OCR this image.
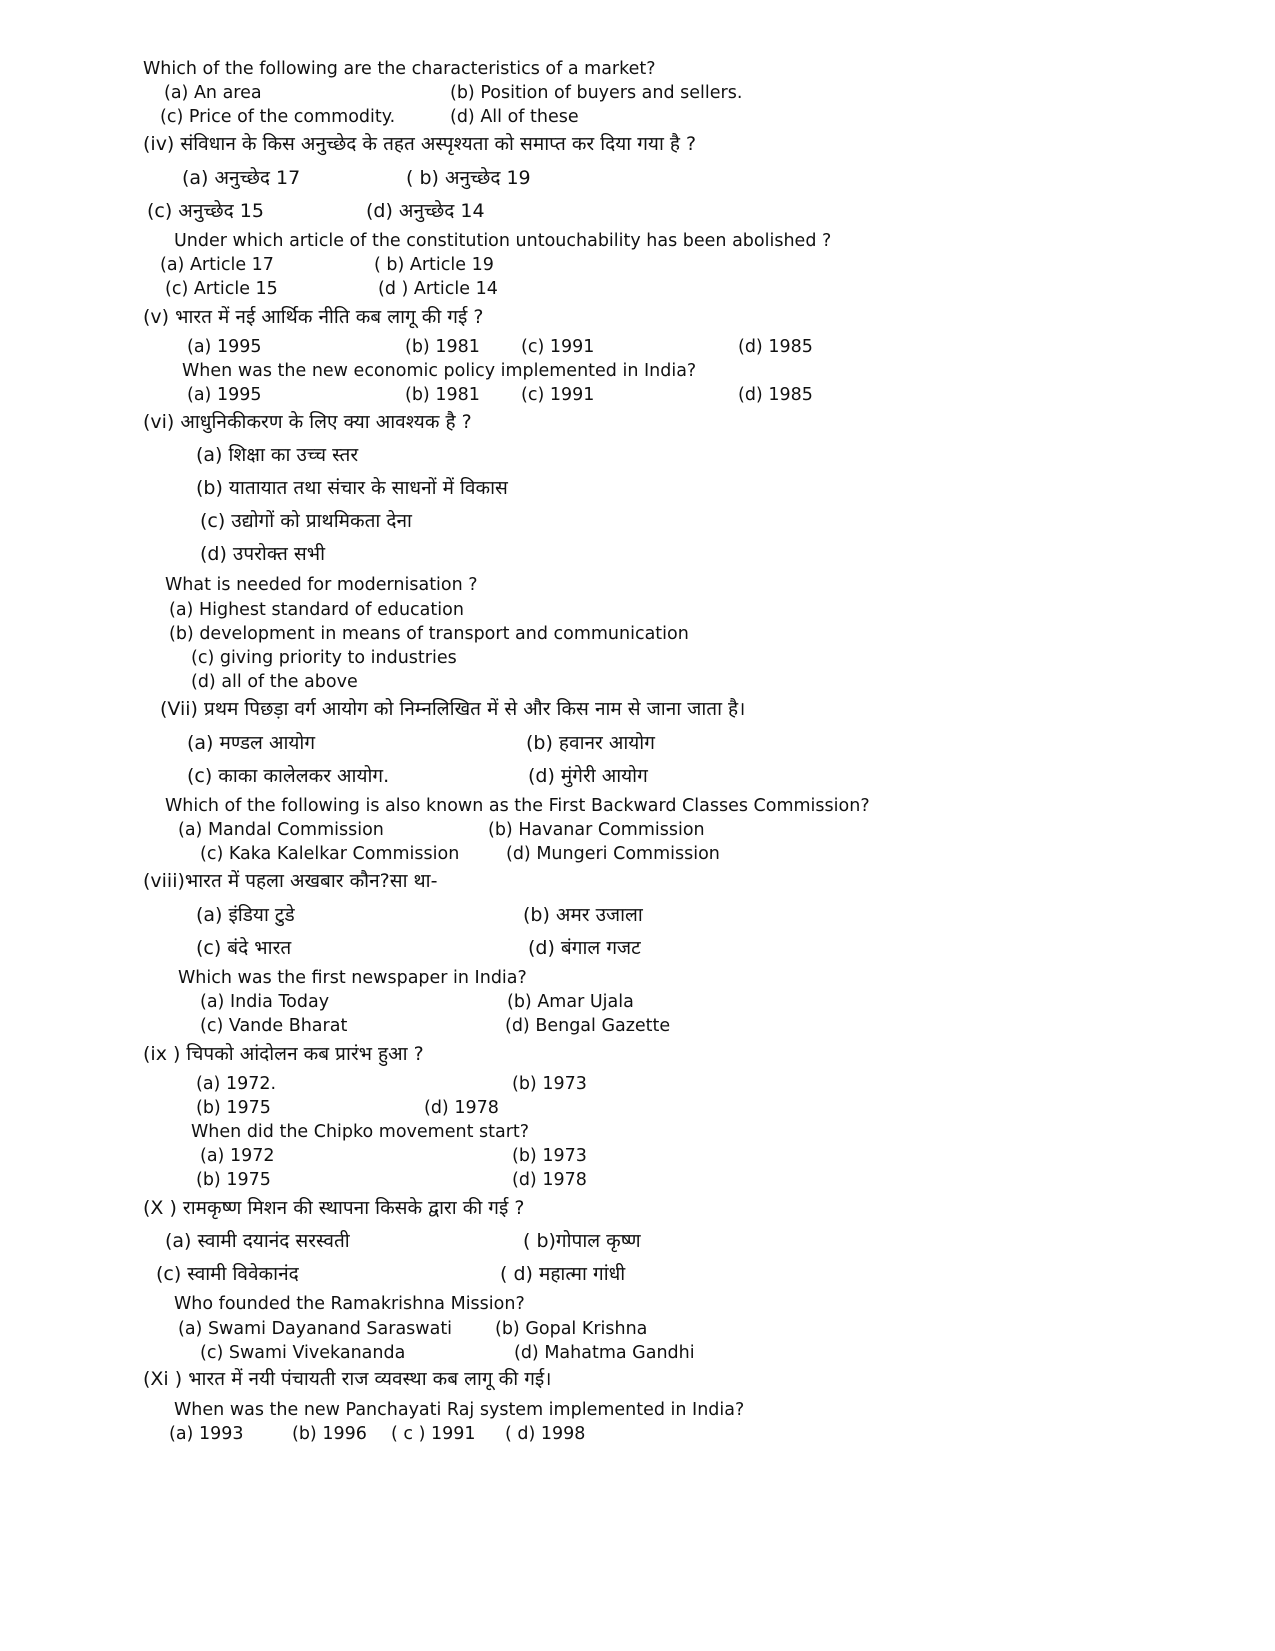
Which of the following are the characteristics of a market?
(a) An area	(b) Position of buyers and sellers.
(c) Price of the commodity.	(d) All of these
(iv) संविधान के किस अनुच्छेद के तहत अस्पृश्यता को समाप्त कर दिया गया है ?
(a) अनुच्छेद 17	( b) अनुच्छेद 19
(c) अनुच्छेद 15	(d) अनुच्छेद 14
Under which article of the constitution untouchability has been abolished ?
(a) Article 17	( b) Article 19
(c) Article 15	(d ) Article 14
(v) भारत में नई आर्थिक नीति कब लागू की गई ?
(a) 1995	(b) 1981 (c) 1991	(d) 1985
When was the new economic policy implemented in India?
(a) 1995	(b) 1981 (c) 1991	(d) 1985
(vi) आधुनिकीकरण के लिए क्या आवश्यक है ?
(a) शिक्षा का उच्च स्तर
(b) यातायात तथा संचार के साधनों में विकास
(c) उद्योगों को प्राथमिकता देना
(d) उपरोक्त सभी
What is needed for modernisation ?
(a) Highest standard of education
(b) development in means of transport and communication
(c) giving priority to industries
(d) all of the above
(Vii) प्रथम पिछड़ा वर्ग आयोग को निम्नलिखित में से और किस नाम से जाना जाता है।
(a) मण्डल आयोग	(b) हवानर आयोग
(c) काका कालेलकर आयोग.	(d) मुंगेरी आयोग
Which of the following is also known as the First Backward Classes Commission?
(a) Mandal Commission	(b) Havanar Commission
(c) Kaka Kalelkar Commission	(d) Mungeri Commission
(viii)भारत में पहला अखबार कौन?सा था-
(a) इंडिया टुडे	(b) अमर उजाला
(c) बंदे भारत	(d) बंगाल गजट
Which was the first newspaper in India?
(a) India Today	(b) Amar Ujala
(c) Vande Bharat	(d) Bengal Gazette
(ix ) चिपको आंदोलन कब प्रारंभ हुआ ?
(a) 1972.	(b) 1973
(b) 1975	(d) 1978
When did the Chipko movement start?
(a) 1972	(b) 1973
(b) 1975	(d) 1978
(X ) रामकृष्ण मिशन की स्थापना किसके द्वारा की गई ?
(a) स्वामी दयानंद सरस्वती	( b)गोपाल कृष्ण
(c) स्वामी विवेकानंद	( d) महात्मा गांधी
Who founded the Ramakrishna Mission?
(a) Swami Dayanand Saraswati (b) Gopal Krishna
(c) Swami Vivekananda	(d) Mahatma Gandhi
(Xi ) भारत में नयी पंचायती राज व्यवस्था कब लागू की गई।
When was the new Panchayati Raj system implemented in India?
(a) 1993	(b) 1996 ( c ) 1991 ( d) 1998
